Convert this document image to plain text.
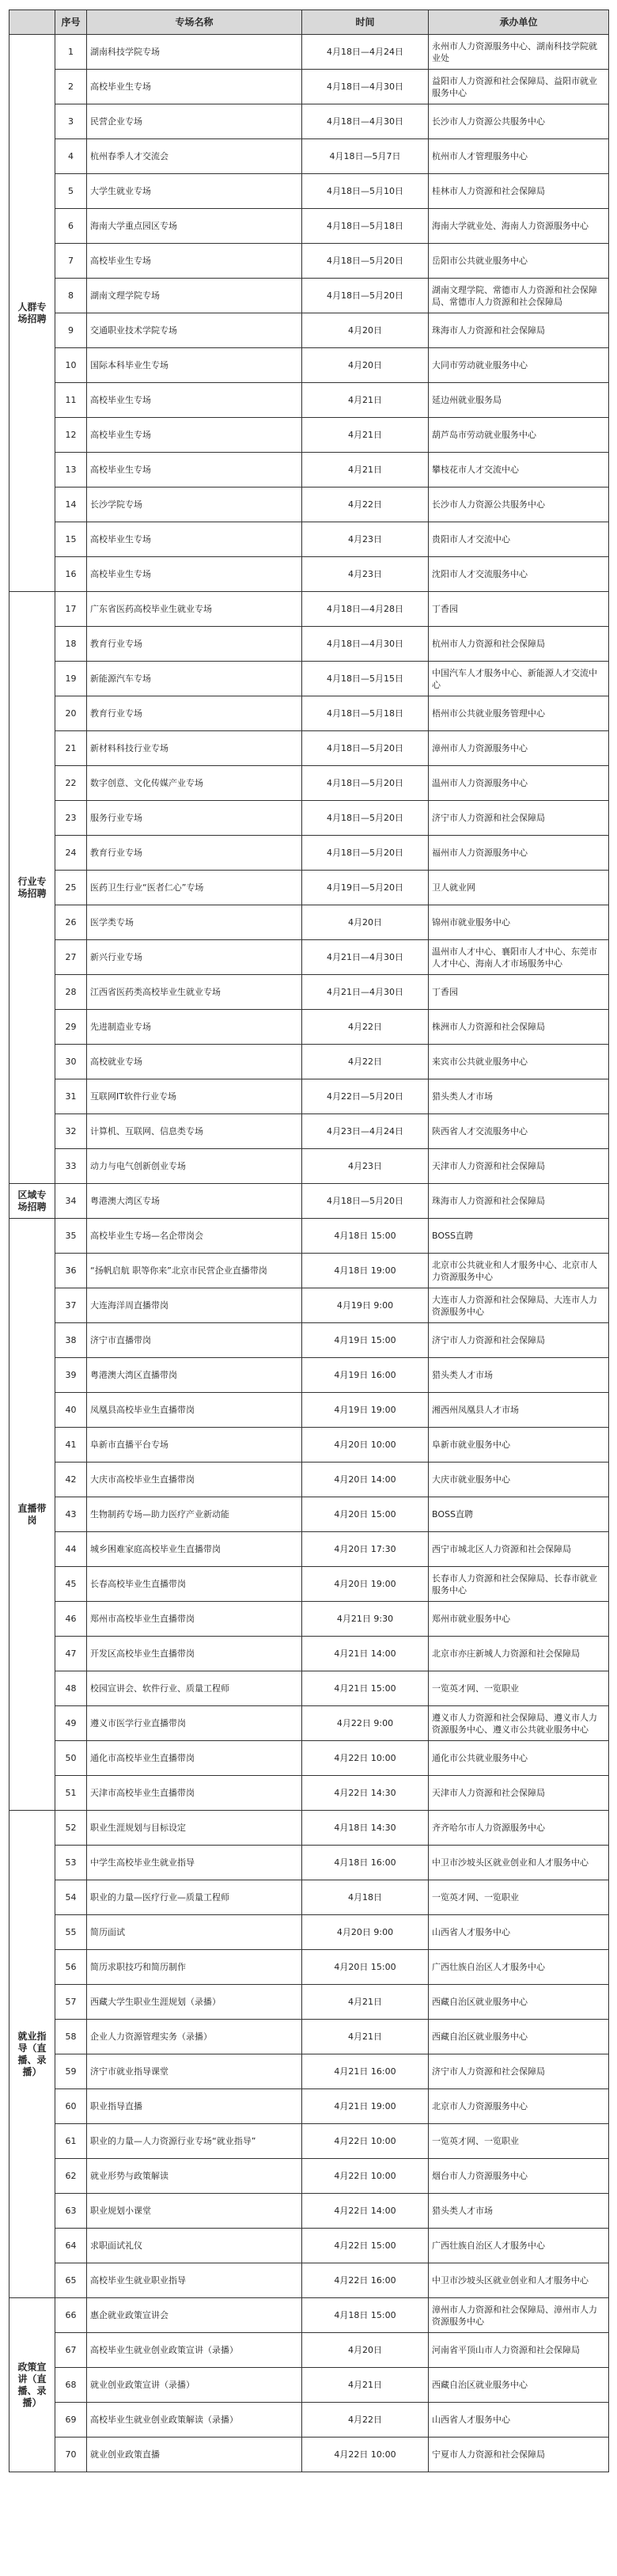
	序号	专场名称	时间	承办单位
人群专场招聘	1	湖南科技学院专场	4月18日—4月24日	永州市人力资源服务中心、湖南科技学院就业处
	2	高校毕业生专场	4月18日—4月30日	益阳市人力资源和社会保障局、益阳市就业服务中心
	3	民营企业专场	4月18日—4月30日	长沙市人力资源公共服务中心
	4	杭州春季人才交流会	4月18日—5月7日	杭州市人才管理服务中心
	5	大学生就业专场	4月18日—5月10日	桂林市人力资源和社会保障局
	6	海南大学重点园区专场	4月18日—5月18日	海南大学就业处、海南人力资源服务中心
	7	高校毕业生专场	4月18日—5月20日	岳阳市公共就业服务中心
	8	湖南文理学院专场	4月18日—5月20日	湖南文理学院、常德市人力资源和社会保障局、常德市人力资源和社会保障局
	9	交通职业技术学院专场	4月20日	珠海市人力资源和社会保障局
	10	国际本科毕业生专场	4月20日	大同市劳动就业服务中心
	11	高校毕业生专场	4月21日	延边州就业服务局
	12	高校毕业生专场	4月21日	葫芦岛市劳动就业服务中心
	13	高校毕业生专场	4月21日	攀枝花市人才交流中心
	14	长沙学院专场	4月22日	长沙市人力资源公共服务中心
	15	高校毕业生专场	4月23日	贵阳市人才交流中心
	16	高校毕业生专场	4月23日	沈阳市人才交流服务中心
行业专场招聘	17	广东省医药高校毕业生就业专场	4月18日—4月28日	丁香园
	18	教育行业专场	4月18日—4月30日	杭州市人力资源和社会保障局
	19	新能源汽车专场	4月18日—5月15日	中国汽车人才服务中心、新能源人才交流中心
	20	教育行业专场	4月18日—5月18日	梧州市公共就业服务管理中心
	21	新材料科技行业专场	4月18日—5月20日	漳州市人力资源服务中心
	22	数字创意、文化传媒产业专场	4月18日—5月20日	温州市人力资源服务中心
	23	服务行业专场	4月18日—5月20日	济宁市人力资源和社会保障局
	24	教育行业专场	4月18日—5月20日	福州市人力资源服务中心
	25	医药卫生行业“医者仁心”专场	4月19日—5月20日	卫人就业网
	26	医学类专场	4月20日	锦州市就业服务中心
	27	新兴行业专场	4月21日—4月30日	温州市人才中心、襄阳市人才中心、东莞市人才中心、海南人才市场服务中心
	28	江西省医药类高校毕业生就业专场	4月21日—4月30日	丁香园
	29	先进制造业专场	4月22日	株洲市人力资源和社会保障局
	30	高校就业专场	4月22日	来宾市公共就业服务中心
	31	互联网IT软件行业专场	4月22日—5月20日	猎头类人才市场
	32	计算机、互联网、信息类专场	4月23日—4月24日	陕西省人才交流服务中心
	33	动力与电气创新创业专场	4月23日	天津市人力资源和社会保障局
区域专场招聘	34	粤港澳大湾区专场	4月18日—5月20日	珠海市人力资源和社会保障局
直播带岗	35	高校毕业生专场—名企带岗会	4月18日 15:00	BOSS直聘
	36	“扬帆启航 职等你来”北京市民营企业直播带岗	4月18日 19:00	北京市公共就业和人才服务中心、北京市人力资源服务中心
	37	大连海洋周直播带岗	4月19日 9:00	大连市人力资源和社会保障局、大连市人力资源服务中心
	38	济宁市直播带岗	4月19日 15:00	济宁市人力资源和社会保障局
	39	粤港澳大湾区直播带岗	4月19日 16:00	猎头类人才市场
	40	凤凰县高校毕业生直播带岗	4月19日 19:00	湘西州凤凰县人才市场
	41	阜新市直播平台专场	4月20日 10:00	阜新市就业服务中心
	42	大庆市高校毕业生直播带岗	4月20日 14:00	大庆市就业服务中心
	43	生物制药专场—助力医疗产业新动能	4月20日 15:00	BOSS直聘
	44	城乡困难家庭高校毕业生直播带岗	4月20日 17:30	西宁市城北区人力资源和社会保障局
	45	长春高校毕业生直播带岗	4月20日 19:00	长春市人力资源和社会保障局、长春市就业服务中心
	46	郑州市高校毕业生直播带岗	4月21日 9:30	郑州市就业服务中心
	47	开发区高校毕业生直播带岗	4月21日 14:00	北京市亦庄新城人力资源和社会保障局
	48	校园宣讲会、软件行业、质量工程师	4月21日 15:00	一览英才网、一览职业
	49	遵义市医学行业直播带岗	4月22日 9:00	遵义市人力资源和社会保障局、遵义市人力资源服务中心、遵义市公共就业服务中心
	50	通化市高校毕业生直播带岗	4月22日 10:00	通化市公共就业服务中心
	51	天津市高校毕业生直播带岗	4月22日 14:30	天津市人力资源和社会保障局
就业指导（直播、录播）	52	职业生涯规划与目标设定	4月18日 14:30	齐齐哈尔市人力资源服务中心
	53	中学生高校毕业生就业指导	4月18日 16:00	中卫市沙坡头区就业创业和人才服务中心
	54	职业的力量—医疗行业—质量工程师	4月18日	一览英才网、一览职业
	55	简历面试	4月20日 9:00	山西省人才服务中心
	56	简历求职技巧和简历制作	4月20日 15:00	广西壮族自治区人才服务中心
	57	西藏大学生职业生涯规划（录播）	4月21日	西藏自治区就业服务中心
	58	企业人力资源管理实务（录播）	4月21日	西藏自治区就业服务中心
	59	济宁市就业指导课堂	4月21日 16:00	济宁市人力资源和社会保障局
	60	职业指导直播	4月21日 19:00	北京市人力资源服务中心
	61	职业的力量—人力资源行业专场“就业指导”	4月22日 10:00	一览英才网、一览职业
	62	就业形势与政策解读	4月22日 10:00	烟台市人力资源服务中心
	63	职业规划小课堂	4月22日 14:00	猎头类人才市场
	64	求职面试礼仪	4月22日 15:00	广西壮族自治区人才服务中心
	65	高校毕业生就业职业指导	4月22日 16:00	中卫市沙坡头区就业创业和人才服务中心
政策宣讲（直播、录播）	66	惠企就业政策宣讲会	4月18日 15:00	漳州市人力资源和社会保障局、漳州市人力资源服务中心
	67	高校毕业生就业创业政策宣讲（录播）	4月20日	河南省平顶山市人力资源和社会保障局
	68	就业创业政策宣讲（录播）	4月21日	西藏自治区就业服务中心
	69	高校毕业生就业创业政策解读（录播）	4月22日	山西省人才服务中心
	70	就业创业政策直播	4月22日 10:00	宁夏市人力资源和社会保障局
